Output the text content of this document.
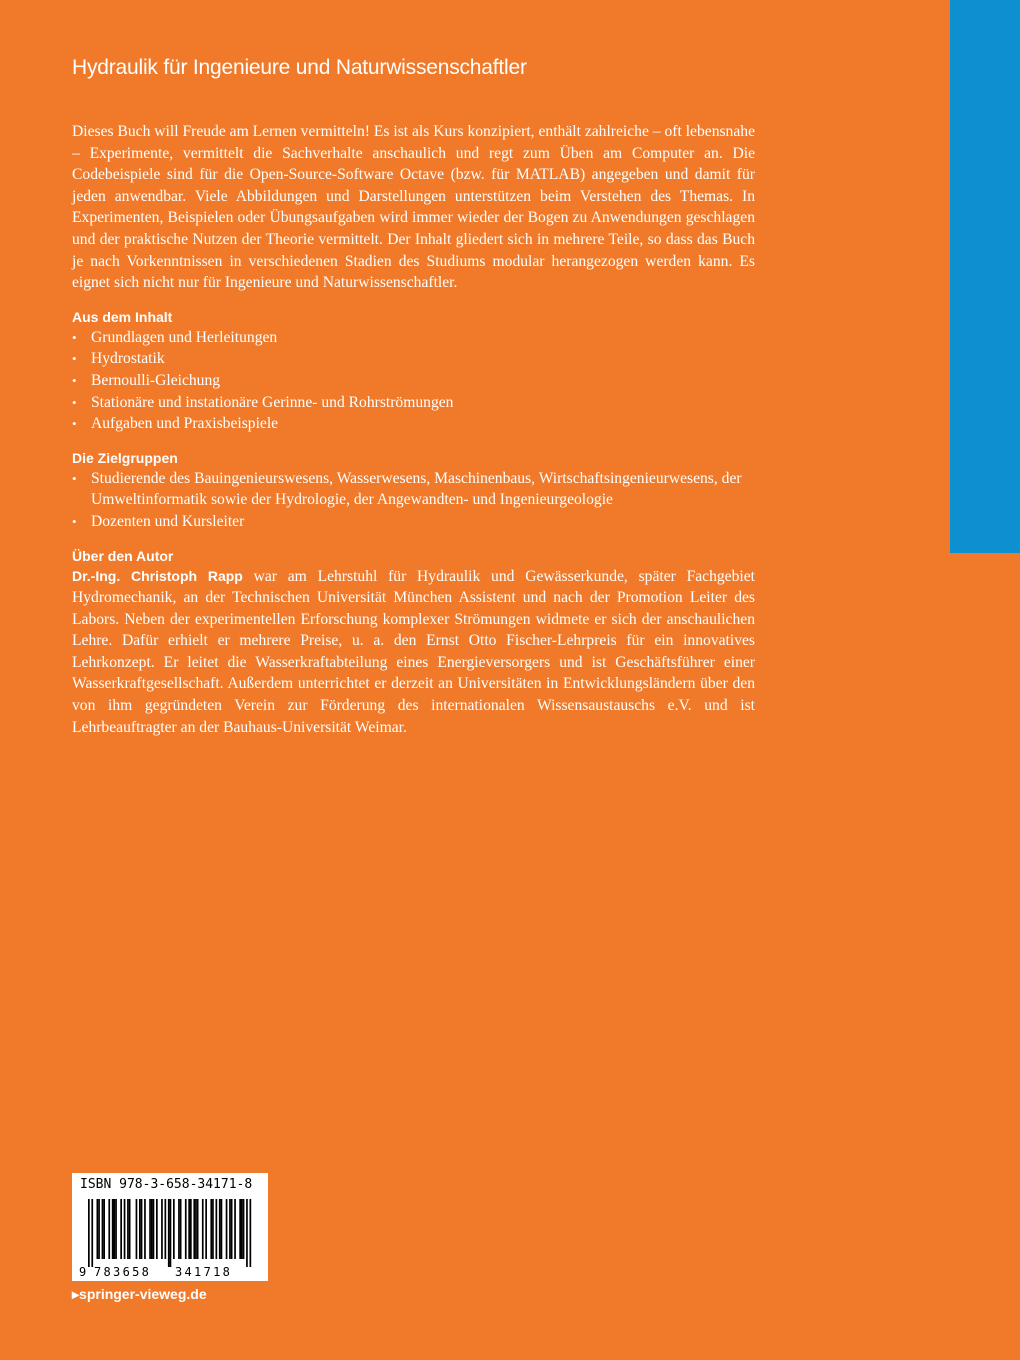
Hydraulik für Ingenieure und Naturwissenschaftler

Dieses Buch will Freude am Lernen vermitteln! Es ist als Kurs konzipiert, enthält zahlreiche – oft lebensnahe – Experimente, vermittelt die Sachverhalte anschaulich und regt zum Üben am Computer an. Die Codebeispiele sind für die Open-Source-Software Octave (bzw. für MATLAB) angegeben und damit für jeden anwendbar. Viele Abbildungen und Darstellungen unterstützen beim Verstehen des Themas. In Experimenten, Beispielen oder Übungsaufgaben wird immer wieder der Bogen zu Anwendungen geschlagen und der praktische Nutzen der Theorie vermittelt. Der Inhalt gliedert sich in mehrere Teile, so dass das Buch je nach Vorkenntnissen in verschiedenen Stadien des Studiums modular herangezogen werden kann. Es eignet sich nicht nur für Ingenieure und Naturwissenschaftler.

Aus dem Inhalt
• Grundlagen und Herleitungen
• Hydrostatik
• Bernoulli-Gleichung
• Stationäre und instationäre Gerinne- und Rohrströmungen
• Aufgaben und Praxisbeispiele
Die Zielgruppen
• Studierende des Bauingenieurswesens, Wasserwesens, Maschinenbaus, Wirtschaftsingenieurwesens, der Umweltinformatik sowie der Hydrologie, der Angewandten- und Ingenieurgeologie
• Dozenten und Kursleiter
Über den Autor

Dr.-Ing. Christoph Rapp war am Lehrstuhl für Hydraulik und Gewässerkunde, später Fachgebiet Hydromechanik, an der Technischen Universität München Assistent und nach der Promotion Leiter des Labors. Neben der experimentellen Erforschung komplexer Strömungen widmete er sich der anschaulichen Lehre. Dafür erhielt er mehrere Preise, u. a. den Ernst Otto Fischer-Lehrpreis für ein innovatives Lehrkonzept. Er leitet die Wasserkraftabteilung eines Energieversorgers und ist Geschäftsführer einer Wasserkraftgesellschaft. Außerdem unterrichtet er derzeit an Universitäten in Entwicklungsländern über den von ihm gegründeten Verein zur Förderung des internationalen Wissensaustauschs e.V. und ist Lehrbeauftragter an der Bauhaus-Universität Weimar.

ISBN 978-3-658-34171-8
9 783658 341718
▸springer-vieweg.de
